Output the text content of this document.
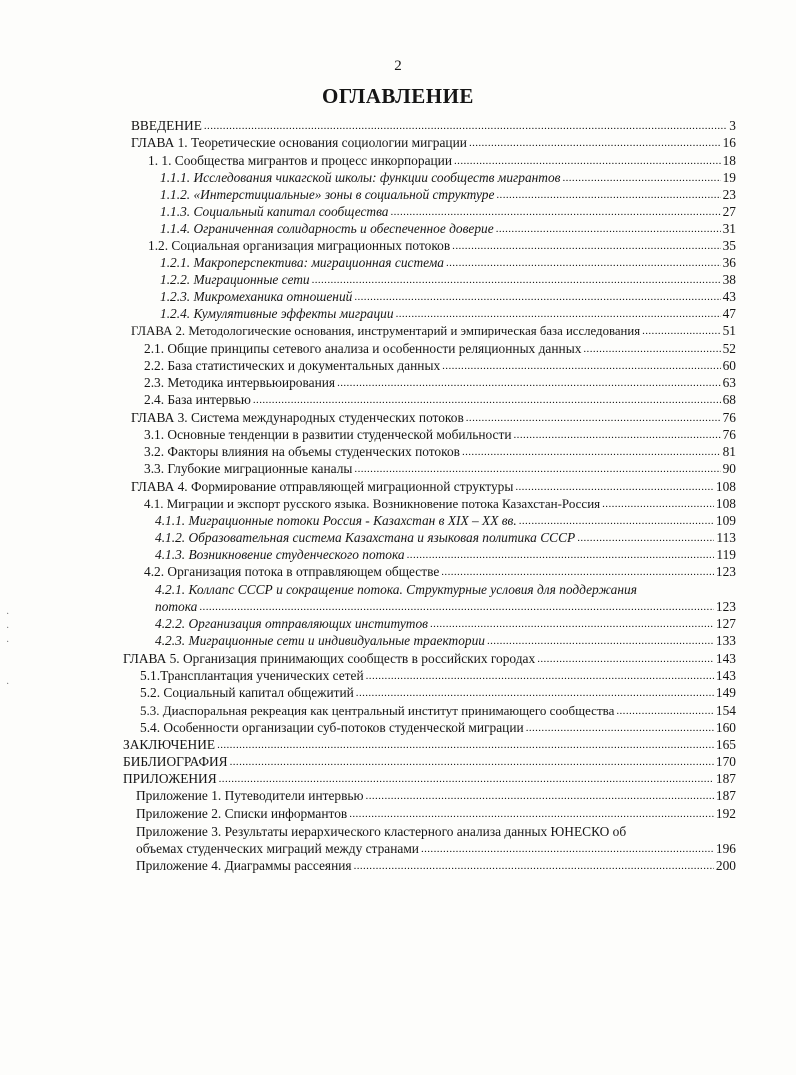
2
ОГЛАВЛЕНИЕ
ВВЕДЕНИЕ .....	3
ГЛАВА 1. Теоретические основания социологии миграции .....	16
1. 1. Сообщества мигрантов и процесс инкорпорации .....	18
1.1.1. Исследования чикагской школы: функции сообществ мигрантов .....	19
1.1.2. «Интерстициальные» зоны в социальной структуре .....	23
1.1.3. Социальный капитал сообщества .....	27
1.1.4. Ограниченная солидарность и обеспеченное доверие .....	31
1.2. Социальная организация миграционных потоков .....	35
1.2.1. Макроперспектива: миграционная система .....	36
1.2.2. Миграционные сети .....	38
1.2.3. Микромеханика отношений .....	43
1.2.4. Кумулятивные эффекты миграции .....	47
ГЛАВА 2. Методологические основания, инструментарий и эмпирическая база исследования .....	51
2.1. Общие принципы сетевого анализа и особенности реляционных данных .....	52
2.2. База статистических и документальных данных .....	60
2.3. Методика интервьюирования .....	63
2.4. База интервью .....	68
ГЛАВА 3. Система международных студенческих потоков .....	76
3.1. Основные тенденции в развитии студенческой мобильности .....	76
3.2. Факторы влияния на объемы студенческих потоков .....	81
3.3. Глубокие миграционные каналы .....	90
ГЛАВА 4. Формирование отправляющей миграционной структуры .....	108
4.1. Миграции и экспорт русского языка. Возникновение потока Казахстан-Россия .....	108
4.1.1. Миграционные потоки Россия - Казахстан в XIX – XX вв. .....	109
4.1.2. Образовательная система Казахстана и языковая политика СССР .....	113
4.1.3. Возникновение студенческого потока .....	119
4.2. Организация потока в отправляющем обществе .....	123
4.2.1. Коллапс СССР и сокращение потока. Структурные условия для поддержания
потока .....	123
4.2.2. Организация отправляющих институтов .....	127
4.2.3. Миграционные сети и индивидуальные траектории .....	133
ГЛАВА 5. Организация принимающих сообществ в российских городах .....	143
5.1.Трансплантация ученических сетей .....	143
5.2. Социальный капитал общежитий .....	149
5.3. Диаспоральная рекреация как центральный институт принимающего сообщества .....	154
5.4. Особенности организации суб-потоков студенческой миграции .....	160
ЗАКЛЮЧЕНИЕ .....	165
БИБЛИОГРАФИЯ .....	170
ПРИЛОЖЕНИЯ .....	187
Приложение 1. Путеводители интервью .....	187
Приложение 2. Списки информантов .....	192
Приложение 3. Результаты иерархического кластерного анализа данных ЮНЕСКО об
объемах студенческих миграций между странами .....	196
Приложение 4. Диаграммы рассеяния .....	200
·
·
·

·
